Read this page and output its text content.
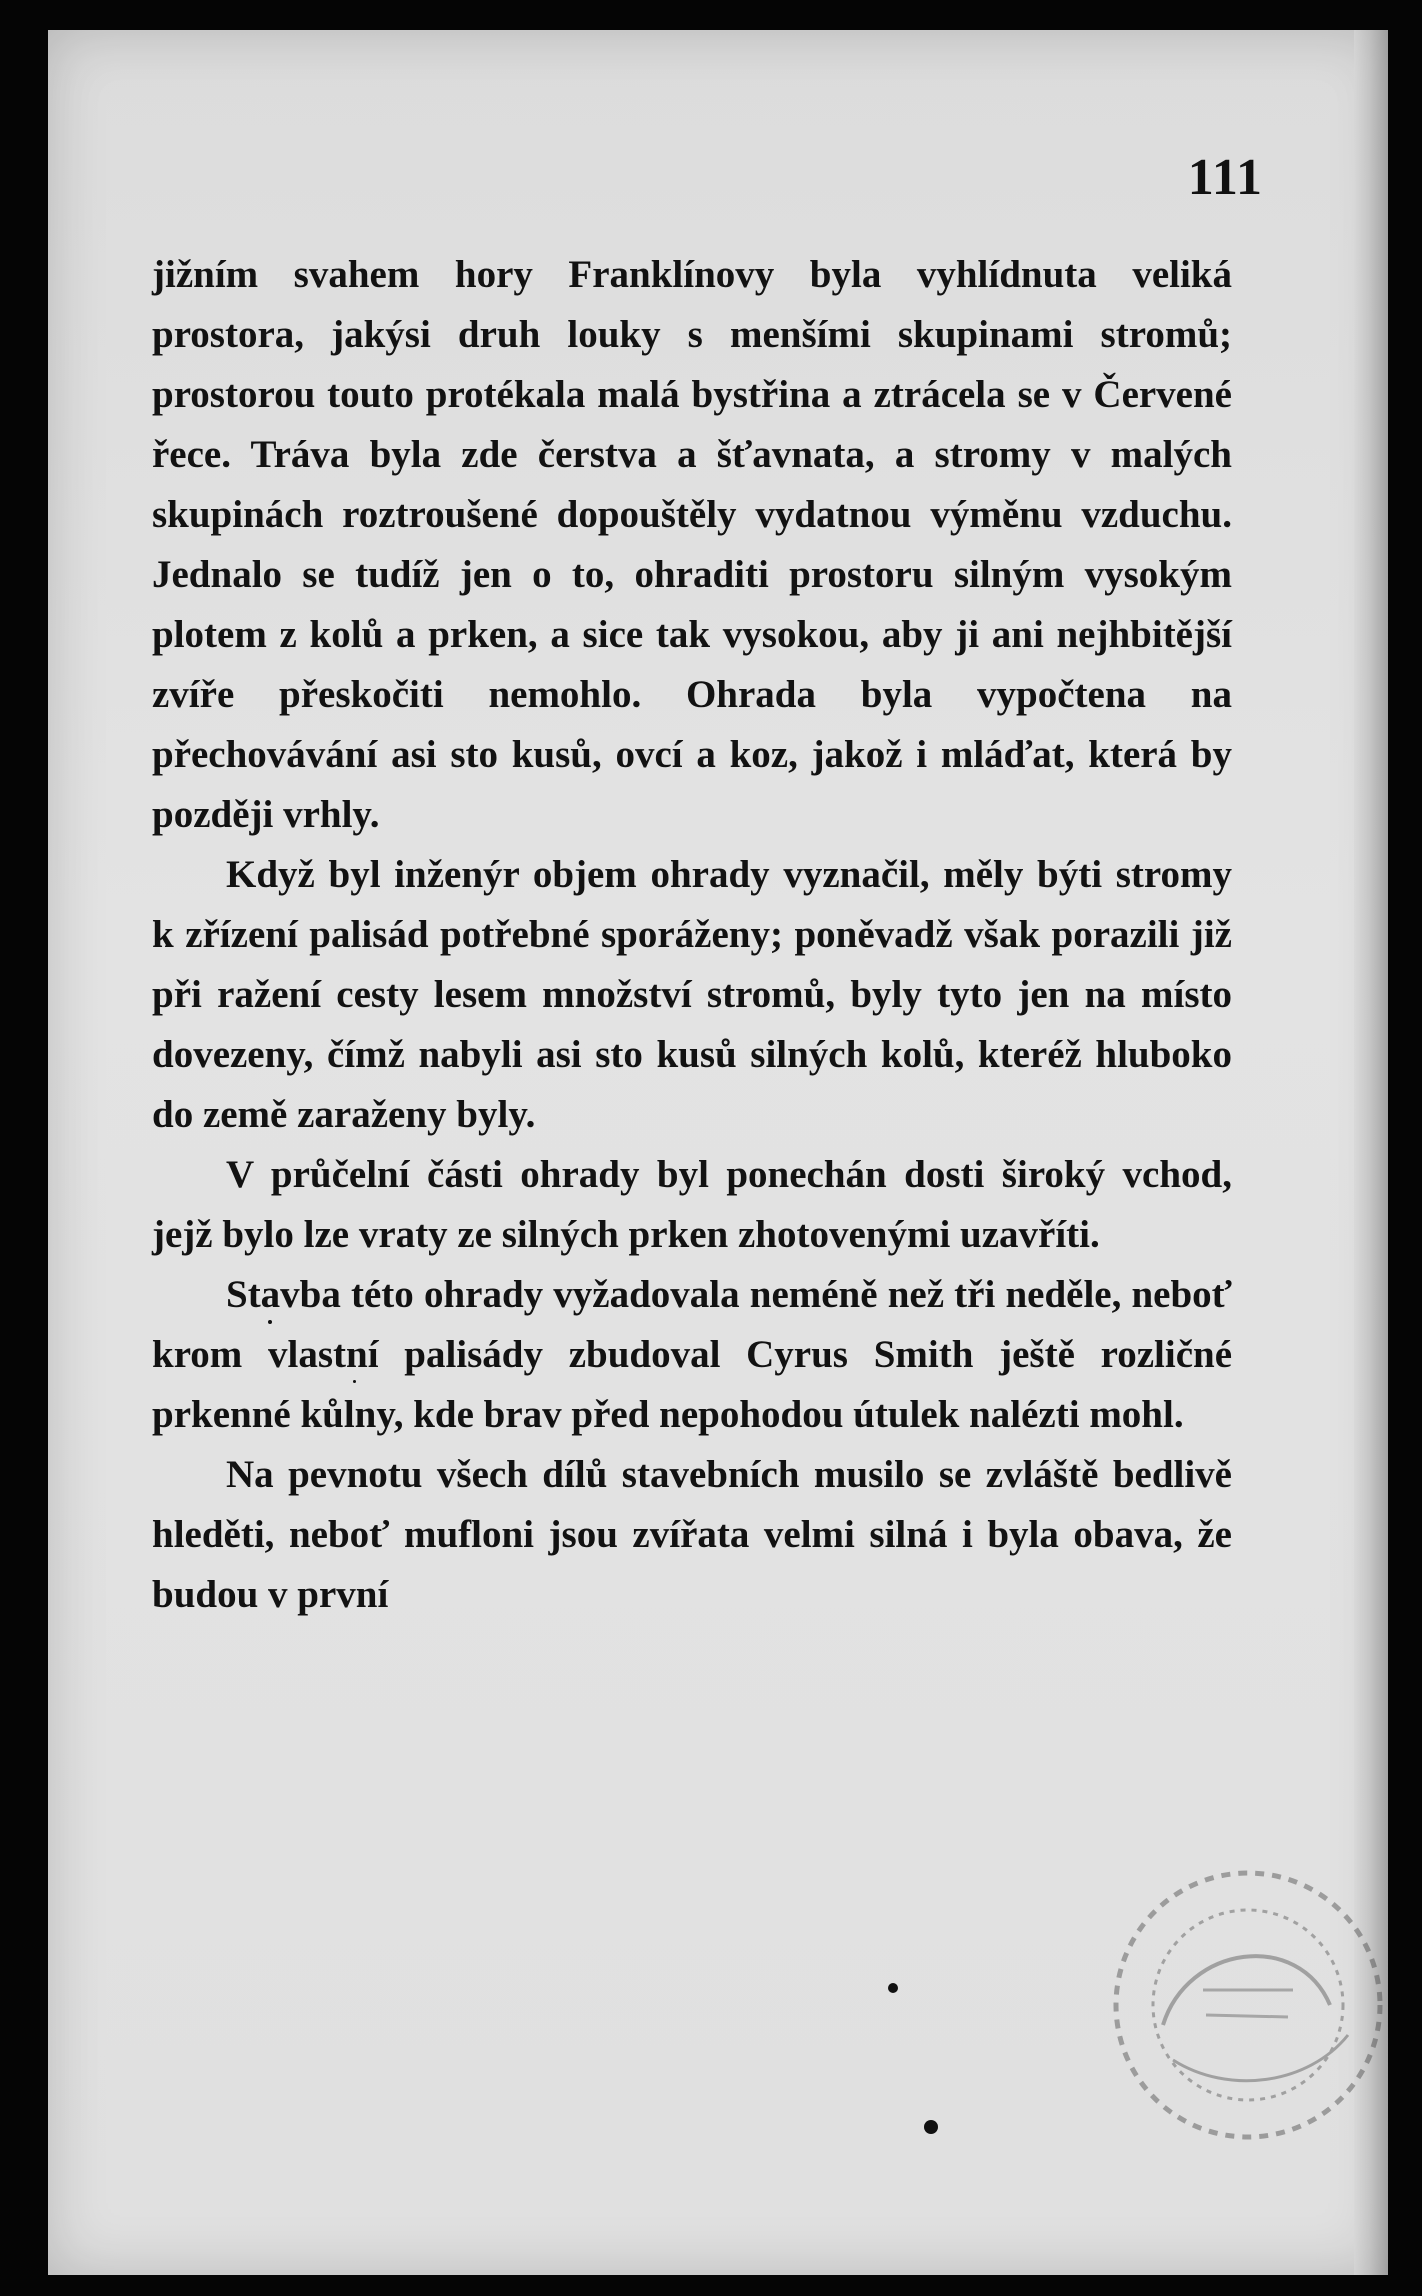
111

jižním svahem hory Franklínovy byla vyhlídnuta veliká prostora, jakýsi druh louky s menšími skupinami stromů; prostorou touto protékala malá bystřina a ztrácela se v Červené řece. Tráva byla zde čerstva a šťavnata, a stromy v malých skupinách roztroušené dopouštěly vydatnou výměnu vzduchu. Jednalo se tudíž jen o to, ohraditi prostoru silným vysokým plotem z kolů a prken, a sice tak vysokou, aby ji ani nejhbitější zvíře přeskočiti nemohlo. Ohrada byla vypočtena na přechovávání asi sto kusů, ovcí a koz, jakož i mláďat, která by později vrhly.

Když byl inženýr objem ohrady vyznačil, měly býti stromy k zřízení palisád potřebné sporáženy; poněvadž však porazili již při ražení cesty lesem množství stromů, byly tyto jen na místo dovezeny, čímž nabyli asi sto kusů silných kolů, kteréž hluboko do země zaraženy byly.

V průčelní části ohrady byl ponechán dosti široký vchod, jejž bylo lze vraty ze silných prken zhotovenými uzavříti.

Stavba této ohrady vyžadovala neméně než tři neděle, neboť krom vlastní palisády zbudoval Cyrus Smith ještě rozličné prkenné kůlny, kde brav před nepohodou útulek nalézti mohl.

Na pevnotu všech dílů stavebních musilo se zvláště bedlivě hleděti, neboť mufloni jsou zvířata velmi silná i byla obava, že budou v první
